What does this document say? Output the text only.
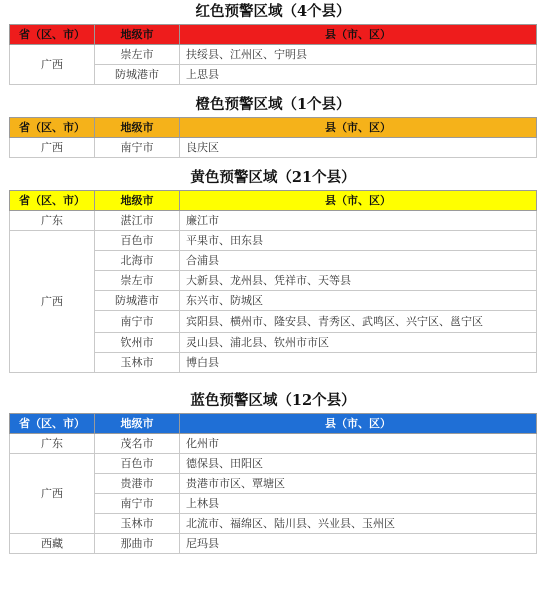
红色预警区域（4个县）
省（区、市）	地级市	县（市、区）
广西	崇左市	扶绥县、江州区、宁明县
	防城港市	上思县
橙色预警区域（1个县）
省（区、市）	地级市	县（市、区）
广西	南宁市	良庆区
黄色预警区域（21个县）
省（区、市）	地级市	县（市、区）
广东	湛江市	廉江市
广西	百色市	平果市、田东县
	北海市	合浦县
	崇左市	大新县、龙州县、凭祥市、天等县
	防城港市	东兴市、防城区
	南宁市	宾阳县、横州市、隆安县、青秀区、武鸣区、兴宁区、邕宁区
	钦州市	灵山县、浦北县、钦州市市区
	玉林市	博白县
蓝色预警区域（12个县）
省（区、市）	地级市	县（市、区）
广东	茂名市	化州市
广西	百色市	德保县、田阳区
	贵港市	贵港市市区、覃塘区
	南宁市	上林县
	玉林市	北流市、福绵区、陆川县、兴业县、玉州区
西藏	那曲市	尼玛县
